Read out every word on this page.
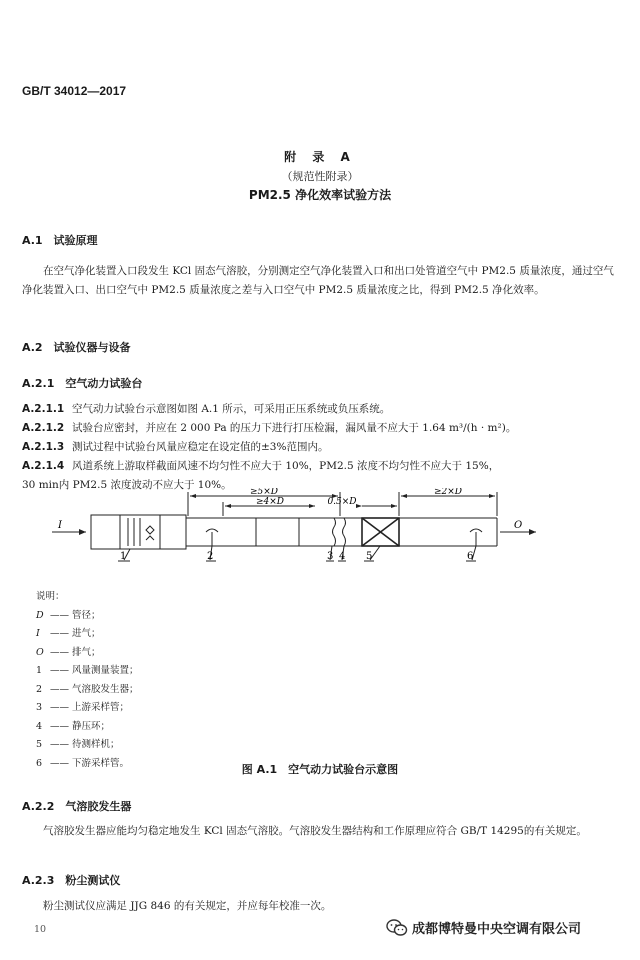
GB/T 34012—2017
附 录 A
（规范性附录）
PM2.5 净化效率试验方法
A.1　试验原理
在空气净化装置入口段发生 KCl 固态气溶胶，分别测定空气净化装置入口和出口处管道空气中 PM2.5 质量浓度，通过空气净化装置入口、出口空气中 PM2.5 质量浓度之差与入口空气中 PM2.5 质量浓度之比，得到 PM2.5 净化效率。
A.2　试验仪器与设备
A.2.1　空气动力试验台
A.2.1.1 空气动力试验台示意图如图 A.1 所示，可采用正压系统或负压系统。
A.2.1.2 试验台应密封，并应在 2 000 Pa 的压力下进行打压检漏，漏风量不应大于 1.64 m³/(h · m²)。
A.2.1.3 测试过程中试验台风量应稳定在设定值的±3%范围内。
A.2.1.4 风道系统上游取样截面风速不均匀性不应大于 10%，PM2.5 浓度不均匀性不应大于 15%，
30 min内 PM2.5 浓度波动不应大于 10%。
≥5×D
≥4×D	0.5×D
≥2×D
I	O
1	2	3 4 5	6
说明：
D —— 管径；
I —— 进气；
O —— 排气；
1 —— 风量测量装置；
2 —— 气溶胶发生器；
3 —— 上游采样管；
4 —— 静压环；
5 —— 待测样机；
6 —— 下游采样管。	图 A.1　空气动力试验台示意图
A.2.2　气溶胶发生器
气溶胶发生器应能均匀稳定地发生 KCl 固态气溶胶。气溶胶发生器结构和工作原理应符合 GB/T 14295的有关规定。
A.2.3　粉尘测试仪
粉尘测试仪应满足 JJG 846 的有关规定，并应每年校准一次。
10	成都博特曼中央空调有限公司
